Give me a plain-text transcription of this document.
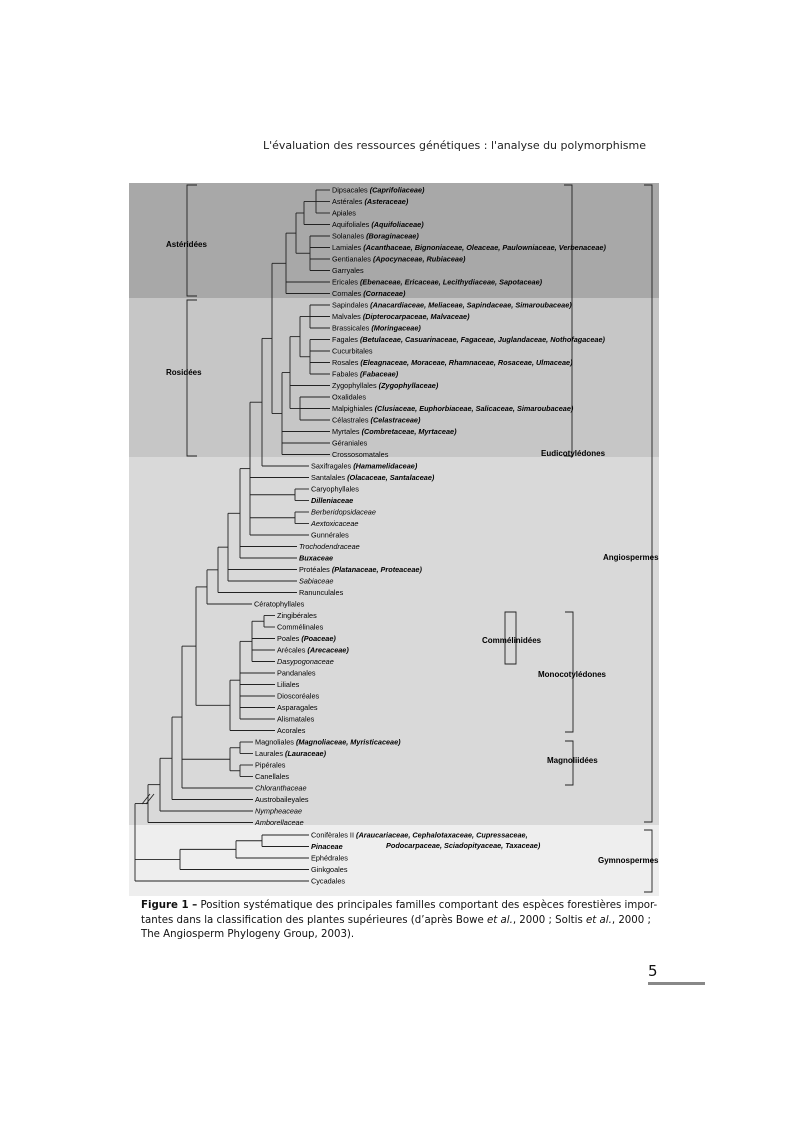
L'évaluation des ressources génétiques : l'analyse du polymorphisme
Dipsacales (Caprifoliaceae)
Astérales (Asteraceae)
Apiales
Aquifoliales (Aquifoliaceae)
Solanales (Boraginaceae)
Lamiales (Acanthaceae, Bignoniaceae, Oleaceae, Paulowniaceae, Verbenaceae)
Gentianales (Apocynaceae, Rubiaceae)
Garryales
Ericales (Ebenaceae, Ericaceae, Lecithydiaceae, Sapotaceae)
Cornales (Cornaceae)
Sapindales (Anacardiaceae, Meliaceae, Sapindaceae, Simaroubaceae)
Malvales (Dipterocarpaceae, Malvaceae)
Brassicales (Moringaceae)
Fagales (Betulaceae, Casuarinaceae, Fagaceae, Juglandaceae, Nothofagaceae)
Cucurbitales
Rosales (Eleagnaceae, Moraceae, Rhamnaceae, Rosaceae, Ulmaceae)
Fabales (Fabaceae)
Zygophyllales (Zygophyllaceae)
Oxalidales
Malpighiales (Clusiaceae, Euphorbiaceae, Salicaceae, Simaroubaceae)
Célastrales (Celastraceae)
Myrtales (Combretaceae, Myrtaceae)
Géraniales
Crossosomatales
Saxifragales (Hamamelidaceae)
Santalales (Olacaceae, Santalaceae)
Caryophyllales
Dilleniaceae
Berberidopsidaceae
Aextoxicaceae
Gunnérales
Trochodendraceae
Buxaceae
Protéales (Platanaceae, Proteaceae)
Sabiaceae
Ranunculales
Cératophyllales
Zingibérales
Commélinales
Poales (Poaceae)
Arécales (Arecaceae)
Dasypogonaceae
Pandanales
Liliales
Dioscoréales
Asparagales
Alismatales
Acorales
Magnoliales (Magnoliaceae, Myristicaceae)
Laurales (Lauraceae)
Pipérales
Canellales
Chloranthaceae
Austrobaileyales
Nympheaceae
Amborellaceae
Conifèrales II (Araucariaceae, Cephalotaxaceae, Cupressaceae,
Pinaceae
Ephédrales
Ginkgoales
Cycadales
Astéridées
Rosidées
Eudicotylédones
Angiospermes
Commélinidées
Monocotylédones
Magnoliidées
Gymnospermes
Podocarpaceae, Sciadopityaceae, Taxaceae)
Figure 1 – Position systématique des principales familles comportant des espèces forestières impor- tantes dans la classification des plantes supérieures (d’après Bowe et al., 2000 ; Soltis et al., 2000 ; The Angiosperm Phylogeny Group, 2003).
5
